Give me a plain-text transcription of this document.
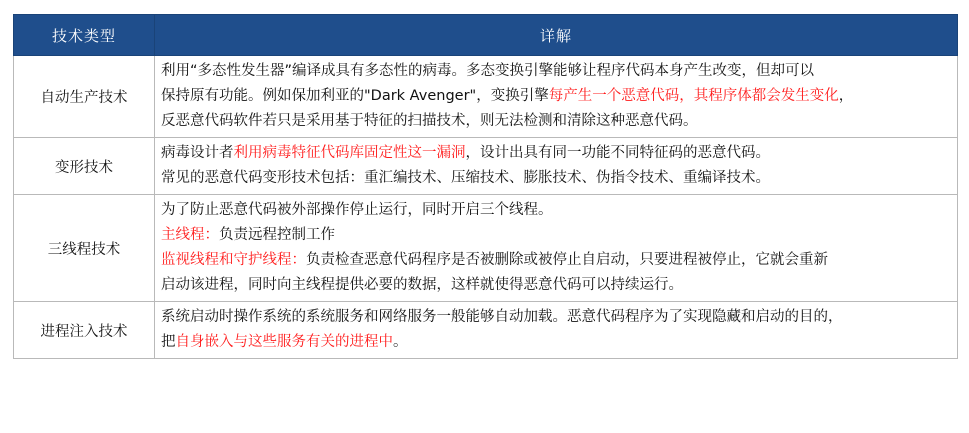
技术类型	详解
自动生产技术	利用“多态性发生器”编译成具有多态性的病毒。多态变换引擎能够让程序代码本身产生改变，但却可以
保持原有功能。例如保加利亚的"Dark Avenger"，变换引擎每产生一个恶意代码，其程序体都会发生变化，
反恶意代码软件若只是采用基于特征的扫描技术，则无法检测和清除这种恶意代码。

变形技术	病毒设计者利用病毒特征代码库固定性这一漏洞，设计出具有同一功能不同特征码的恶意代码。
常见的恶意代码变形技术包括：重汇编技术、压缩技术、膨胀技术、伪指令技术、重编译技术。

三线程技术	为了防止恶意代码被外部操作停止运行，同时开启三个线程。
主线程：负责远程控制工作
监视线程和守护线程：负责检查恶意代码程序是否被删除或被停止自启动，只要进程被停止，它就会重新
启动该进程，同时向主线程提供必要的数据，这样就使得恶意代码可以持续运行。

进程注入技术	系统启动时操作系统的系统服务和网络服务一般能够自动加载。恶意代码程序为了实现隐藏和启动的目的，
把自身嵌入与这些服务有关的进程中。
